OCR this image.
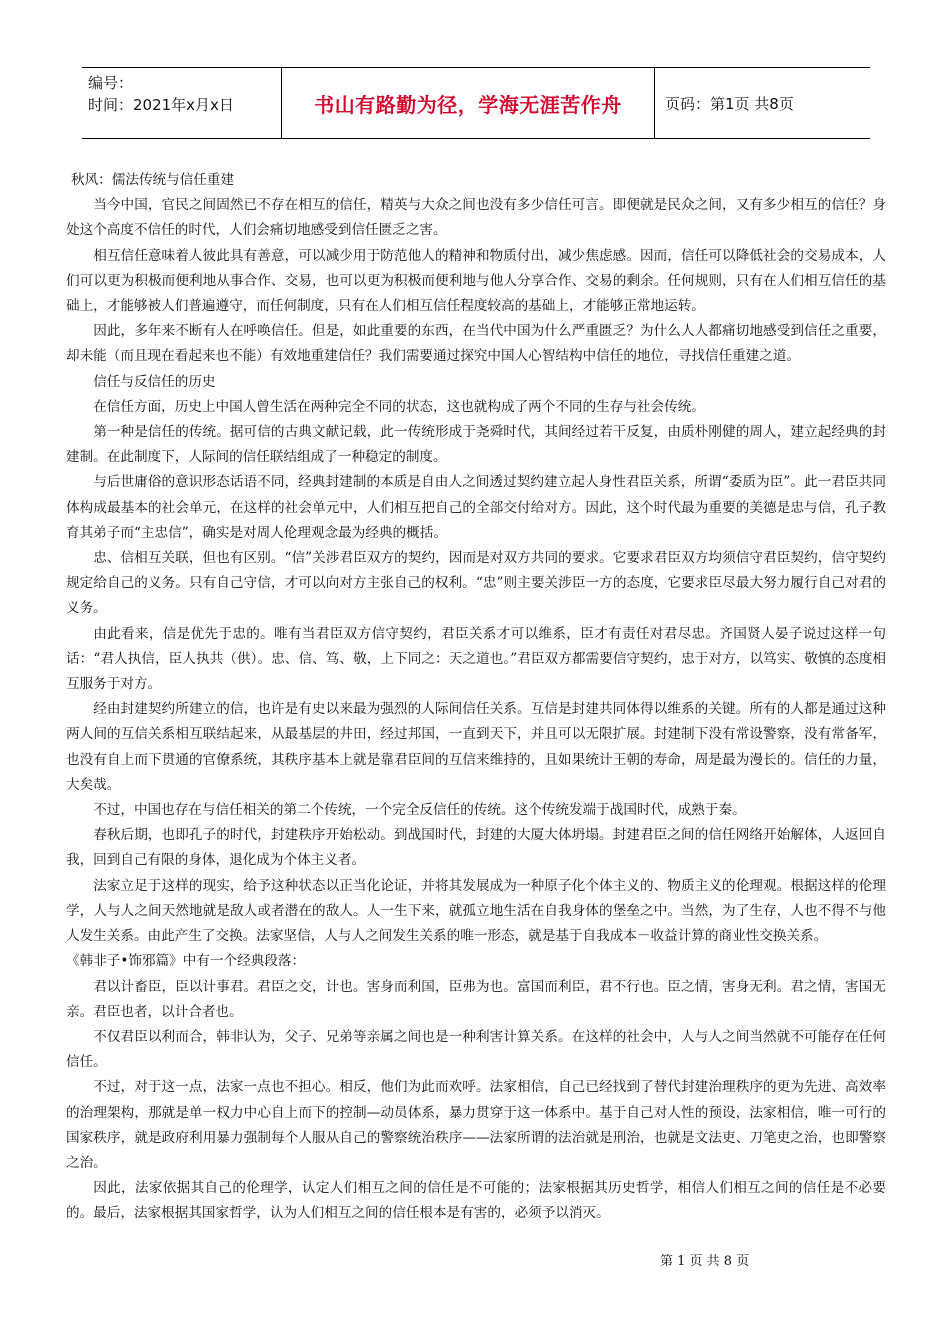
编号：
时间：2021年x月x日	书山有路勤为径，学海无涯苦作舟	页码：第1页 共8页

秋风：儒法传统与信任重建

当今中国，官民之间固然已不存在相互的信任，精英与大众之间也没有多少信任可言。即便就是民众之间，又有多少相互的信任？身处这个高度不信任的时代，人们会痛切地感受到信任匮乏之害。

相互信任意味着人彼此具有善意，可以减少用于防范他人的精神和物质付出，减少焦虑感。因而，信任可以降低社会的交易成本，人们可以更为积极而便利地从事合作、交易，也可以更为积极而便利地与他人分享合作、交易的剩余。任何规则，只有在人们相互信任的基础上，才能够被人们普遍遵守，而任何制度，只有在人们相互信任程度较高的基础上，才能够正常地运转。

因此，多年来不断有人在呼唤信任。但是，如此重要的东西，在当代中国为什么严重匮乏？为什么人人都痛切地感受到信任之重要，却未能（而且现在看起来也不能）有效地重建信任？我们需要通过探究中国人心智结构中信任的地位，寻找信任重建之道。

信任与反信任的历史

在信任方面，历史上中国人曾生活在两种完全不同的状态，这也就构成了两个不同的生存与社会传统。

第一种是信任的传统。据可信的古典文献记载，此一传统形成于尧舜时代，其间经过若干反复，由质朴刚健的周人，建立起经典的封建制。在此制度下，人际间的信任联结组成了一种稳定的制度。

与后世庸俗的意识形态话语不同，经典封建制的本质是自由人之间透过契约建立起人身性君臣关系，所谓“委质为臣”。此一君臣共同体构成最基本的社会单元，在这样的社会单元中，人们相互把自己的全部交付给对方。因此，这个时代最为重要的美德是忠与信，孔子教育其弟子而“主忠信”，确实是对周人伦理观念最为经典的概括。

忠、信相互关联，但也有区别。“信”关涉君臣双方的契约，因而是对双方共同的要求。它要求君臣双方均须信守君臣契约，信守契约规定给自己的义务。只有自己守信，才可以向对方主张自己的权利。“忠”则主要关涉臣一方的态度，它要求臣尽最大努力履行自己对君的义务。

由此看来，信是优先于忠的。唯有当君臣双方信守契约，君臣关系才可以维系，臣才有责任对君尽忠。齐国贤人晏子说过这样一句话：“君人执信，臣人执共（供）。忠、信、笃、敬，上下同之：天之道也。”君臣双方都需要信守契约，忠于对方，以笃实、敬慎的态度相互服务于对方。

经由封建契约所建立的信，也许是有史以来最为强烈的人际间信任关系。互信是封建共同体得以维系的关键。所有的人都是通过这种两人间的互信关系相互联结起来，从最基层的井田，经过邦国，一直到天下，并且可以无限扩展。封建制下没有常设警察，没有常备军，也没有自上而下贯通的官僚系统，其秩序基本上就是靠君臣间的互信来维持的，且如果统计王朝的寿命，周是最为漫长的。信任的力量，大矣哉。

不过，中国也存在与信任相关的第二个传统，一个完全反信任的传统。这个传统发端于战国时代，成熟于秦。

春秋后期，也即孔子的时代，封建秩序开始松动。到战国时代，封建的大厦大体坍塌。封建君臣之间的信任网络开始解体，人返回自我，回到自己有限的身体，退化成为个体主义者。

法家立足于这样的现实，给予这种状态以正当化论证，并将其发展成为一种原子化个体主义的、物质主义的伦理观。根据这样的伦理学，人与人之间天然地就是敌人或者潜在的敌人。人一生下来，就孤立地生活在自我身体的堡垒之中。当然，为了生存，人也不得不与他人发生关系。由此产生了交换。法家坚信，人与人之间发生关系的唯一形态，就是基于自我成本－收益计算的商业性交换关系。

《韩非子•饰邪篇》中有一个经典段落：

君以计畜臣，臣以计事君。君臣之交，计也。害身而利国，臣弗为也。富国而利臣，君不行也。臣之情，害身无利。君之情，害国无亲。君臣也者，以计合者也。

不仅君臣以利而合，韩非认为，父子、兄弟等亲属之间也是一种利害计算关系。在这样的社会中，人与人之间当然就不可能存在任何信任。

不过，对于这一点，法家一点也不担心。相反，他们为此而欢呼。法家相信，自己已经找到了替代封建治理秩序的更为先进、高效率的治理架构，那就是单一权力中心自上而下的控制—动员体系，暴力贯穿于这一体系中。基于自己对人性的预设，法家相信，唯一可行的国家秩序，就是政府利用暴力强制每个人服从自己的警察统治秩序——法家所谓的法治就是刑治，也就是文法吏、刀笔吏之治，也即警察之治。

因此，法家依据其自己的伦理学，认定人们相互之间的信任是不可能的；法家根据其历史哲学，相信人们相互之间的信任是不必要的。最后，法家根据其国家哲学，认为人们相互之间的信任根本是有害的，必须予以消灭。

第 1 页 共 8 页
